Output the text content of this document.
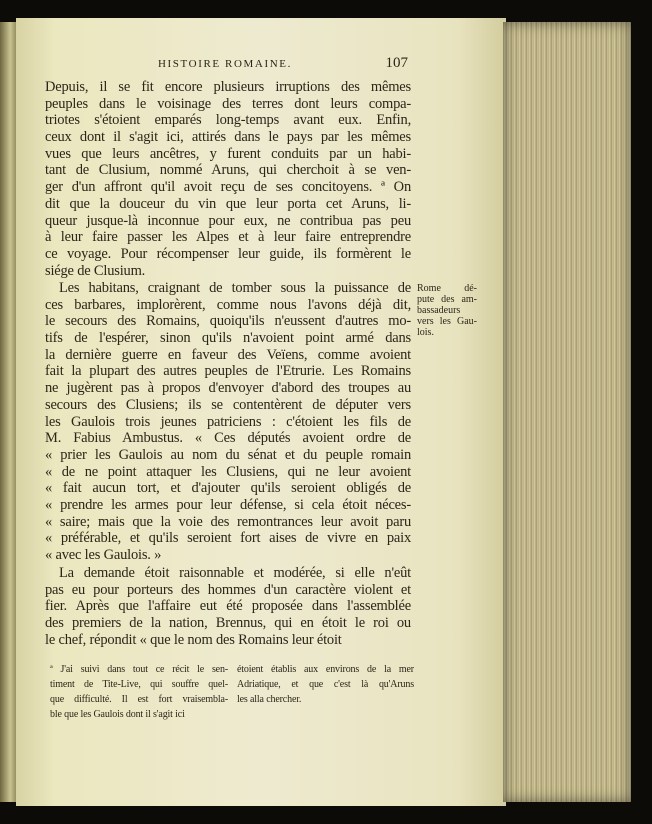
HISTOIRE ROMAINE.	107
Depuis, il se fit encore plusieurs irruptions des mêmes
peuples dans le voisinage des terres dont leurs compa-
triotes s'étoient emparés long-temps avant eux. Enfin,
ceux dont il s'agit ici, attirés dans le pays par les mêmes
vues que leurs ancêtres, y furent conduits par un habi-
tant de Clusium, nommé Aruns, qui cherchoit à se ven-
ger d'un affront qu'il avoit reçu de ses concitoyens. ª On
dit que la douceur du vin que leur porta cet Aruns, li-
queur jusque-là inconnue pour eux, ne contribua pas peu
à leur faire passer les Alpes et à leur faire entreprendre
ce voyage. Pour récompenser leur guide, ils formèrent le
siége de Clusium.
Les habitans, craignant de tomber sous la puissance de
ces barbares, implorèrent, comme nous l'avons déjà dit,
le secours des Romains, quoiqu'ils n'eussent d'autres mo-
tifs de l'espérer, sinon qu'ils n'avoient point armé dans
la dernière guerre en faveur des Veïens, comme avoient
fait la plupart des autres peuples de l'Etrurie. Les Romains
ne jugèrent pas à propos d'envoyer d'abord des troupes au
secours des Clusiens; ils se contentèrent de députer vers
les Gaulois trois jeunes patriciens : c'étoient les fils de
M. Fabius Ambustus. « Ces députés avoient ordre de
« prier les Gaulois au nom du sénat et du peuple romain
« de ne point attaquer les Clusiens, qui ne leur avoient
« fait aucun tort, et d'ajouter qu'ils seroient obligés de
« prendre les armes pour leur défense, si cela étoit néces-
« saire; mais que la voie des remontrances leur avoit paru
« préférable, et qu'ils seroient fort aises de vivre en paix
« avec les Gaulois. »
La demande étoit raisonnable et modérée, si elle n'eût
pas eu pour porteurs des hommes d'un caractère violent et
fier. Après que l'affaire eut été proposée dans l'assemblée
des premiers de la nation, Brennus, qui en étoit le roi ou
le chef, répondit « que le nom des Romains leur étoit
Rome dé-
pute des am-
bassadeurs
vers les Gau-
lois.
ª J'ai suivi dans tout ce récit le sen-
timent de Tite-Live, qui souffre quel-
que difficulté. Il est fort vraisembla-
ble que les Gaulois dont il s'agit ici
étoient établis aux environs de la mer
Adriatique, et que c'est là qu'Aruns
les alla chercher.
